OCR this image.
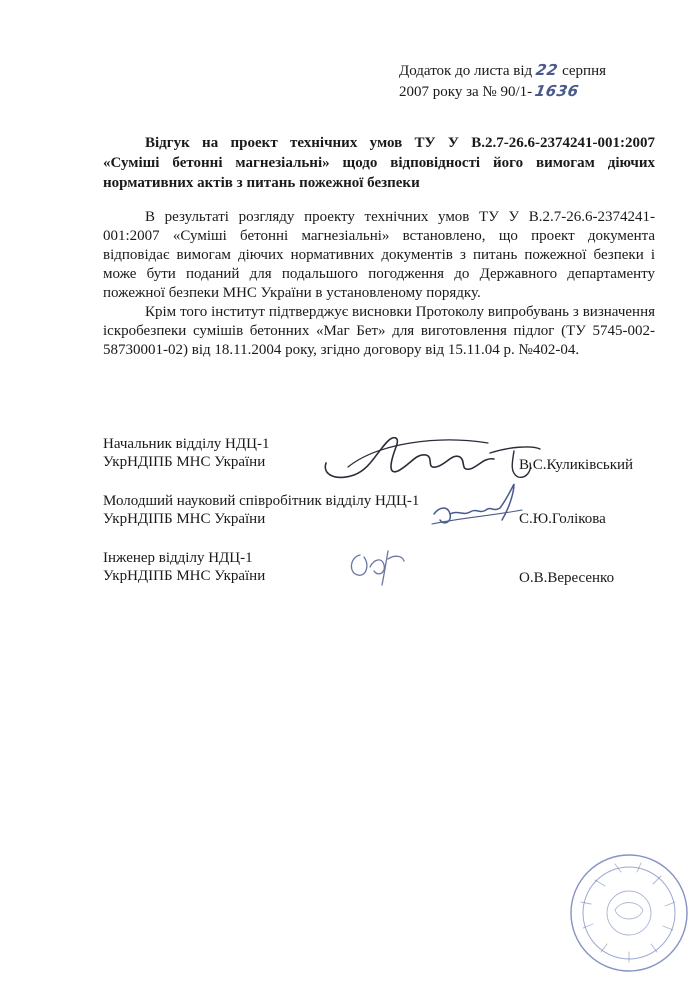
Додаток до листа від 22 серпня
2007 року за № 90/1-1636
Відгук на проект технічних умов ТУ У В.2.7-26.6-2374241-001:2007 «Суміші бетонні магнезіальні» щодо відповідності його вимогам діючих нормативних актів з питань пожежної безпеки

В результаті розгляду проекту технічних умов ТУ У В.2.7-26.6-2374241-001:2007 «Суміші бетонні магнезіальні» встановлено, що проект документа відповідає вимогам діючих нормативних документів з питань пожежної безпеки і може бути поданий для подальшого погодження до Державного департаменту пожежної безпеки МНС України в установленому порядку.

Крім того інститут підтверджує висновки Протоколу випробувань з визначення іскробезпеки сумішів бетонних «Маг Бет» для виготовлення підлог (ТУ 5745-002-58730001-02) від 18.11.2004 року, згідно договору від 15.11.04 р. №402-04.

Начальник відділу НДЦ-1
УкрНДІПБ МНС України	В.С.Куликівський
Молодший науковий співробітник відділу НДЦ-1
УкрНДІПБ МНС України	С.Ю.Голікова
Інженер відділу НДЦ-1
УкрНДІПБ МНС України	О.В.Вересенко
